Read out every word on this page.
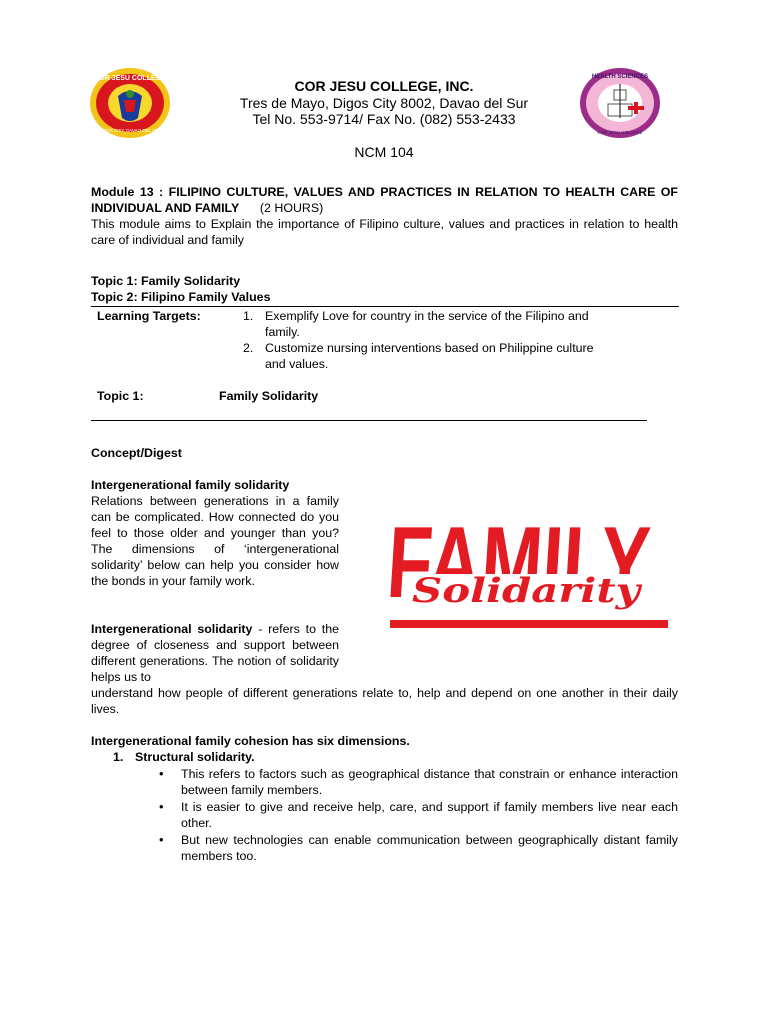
COR JESU COLLEGE
DIGOS CITY, DAVAO DEL SUR
HEALTH SCIENCES
COR JESU COLLEGE
COR JESU COLLEGE, INC.
Tres de Mayo, Digos City 8002, Davao del Sur
Tel No. 553-9714/ Fax No. (082) 553-2433
NCM 104
Module 13 : FILIPINO CULTURE, VALUES AND PRACTICES IN RELATION TO HEALTH CARE OF INDIVIDUAL AND FAMILY (2 HOURS)
This module aims to Explain the importance of Filipino culture, values and practices in relation to health care of individual and family
Topic 1: Family Solidarity
Topic 2: Filipino Family Values
Learning Targets:	1. Exemplify Love for country in the service of the Filipino and
family.
2. Customize nursing interventions based on Philippine culture
and values.
Topic 1:	Family Solidarity
Concept/Digest
Intergenerational family solidarity
Relations between generations in a family can be complicated. How connected do you feel to those older and younger than you? The dimensions of ‘intergenerational solidarity’ below can help you consider how the bonds in your family work.
Intergenerational solidarity - refers to the degree of closeness and support between different generations. The notion of solidarity helps us to
understand how people of different generations relate to, help and depend on one another in their daily lives.
Intergenerational family cohesion has six dimensions.
1. Structural solidarity.
• This refers to factors such as geographical distance that constrain or enhance interaction between family members.
• It is easier to give and receive help, care, and support if family members live near each other.
• But new technologies can enable communication between geographically distant family members too.
FAMILY
Solidarity
